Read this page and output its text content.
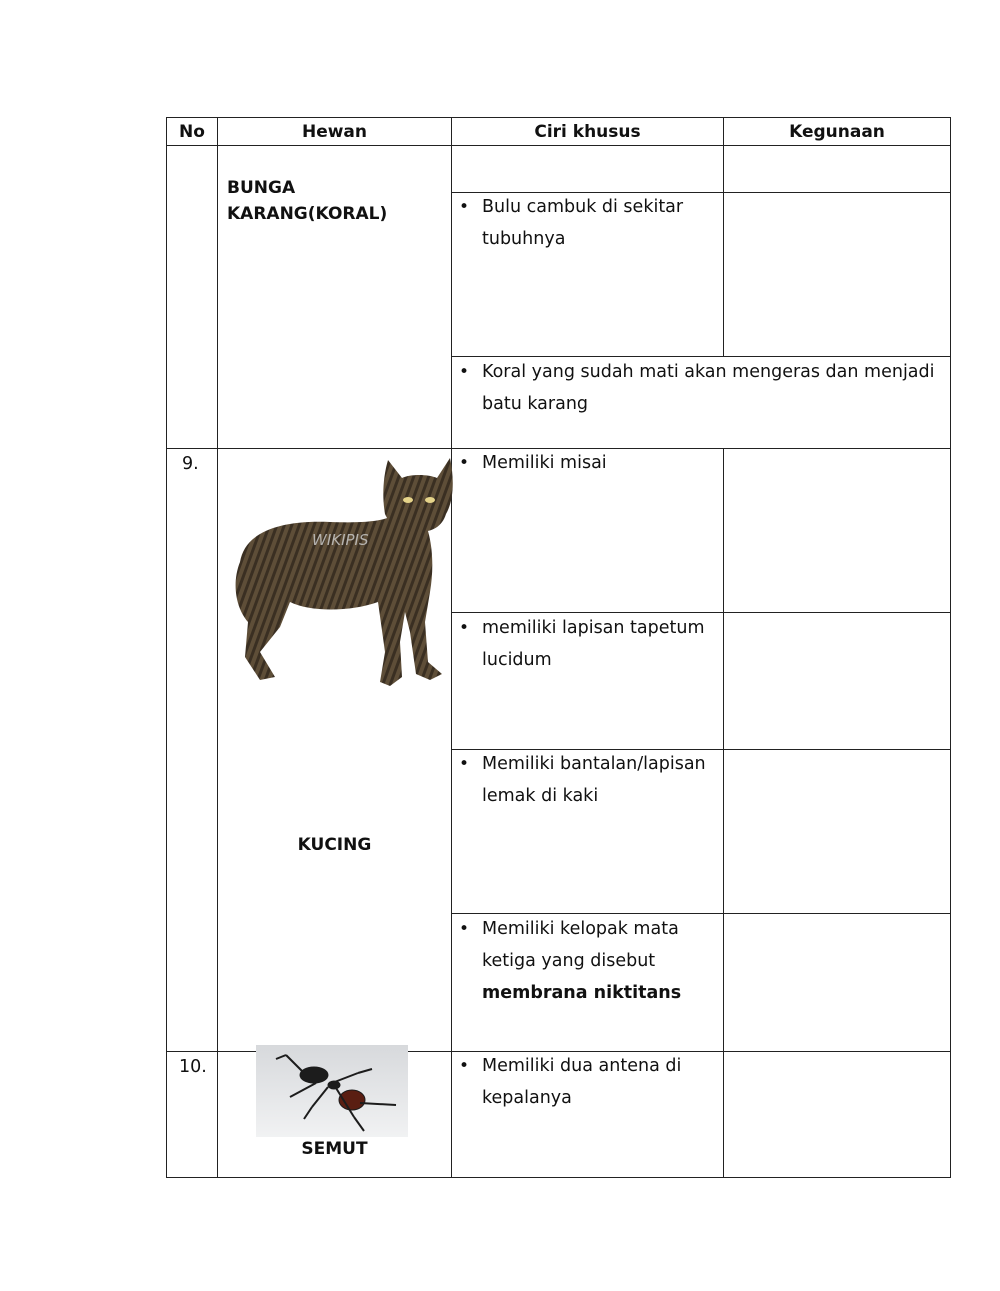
No	Hewan	Ciri khusus	Kegunaan
BUNGA KARANG(KORAL)
•	Bulu cambuk di sekitar tubuhnya
• Koral yang sudah mati akan mengeras dan menjadi batu karang
9.
WIKIPIS
KUCING
• Memiliki misai
• memiliki lapisan tapetum lucidum
• Memiliki bantalan/lapisan lemak di kaki
• Memiliki kelopak mata ketiga yang disebut membrana niktitans
10.
SEMUT
• Memiliki dua antena di kepalanya
